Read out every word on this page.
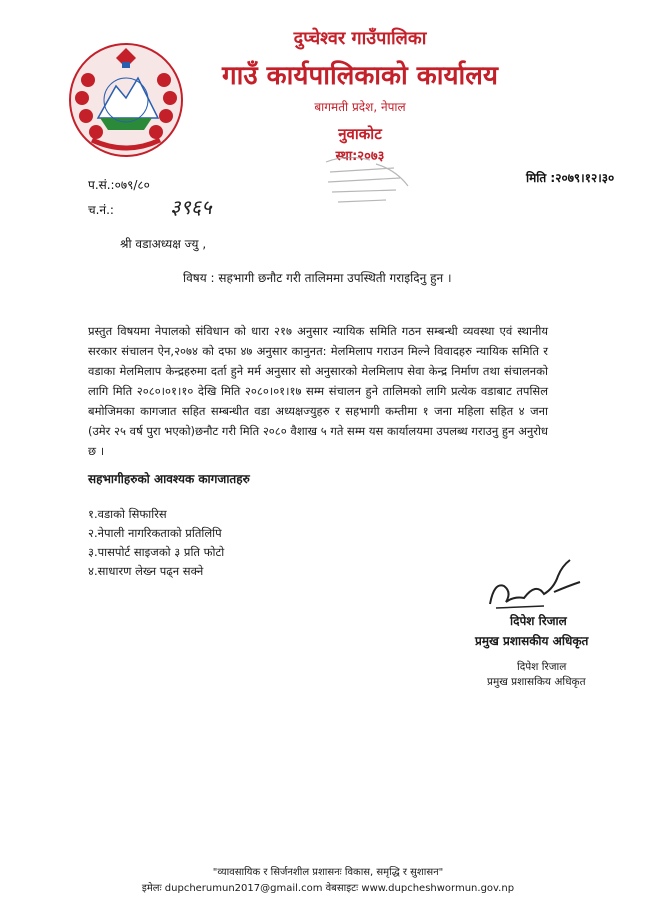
दुप्चेश्वर गाउँपालिका
गाउँ कार्यपालिकाको कार्यालय
बागमती प्रदेश, नेपाल
नुवाकोट
स्था:२०७३
प.सं.:०७९/८०
च.नं.:	३९६५
मिति :२०७९।१२।३०
श्री वडाअध्यक्ष ज्यु ,
विषय : सहभागी छनौट गरी तालिममा उपस्थिती गराइदिनु हुन ।
प्रस्तुत विषयमा नेपालको संविधान को धारा २१७ अनुसार न्यायिक समिति गठन सम्बन्धी व्यवस्था एवं स्थानीय सरकार संचालन ऐन,२०७४ को दफा ४७ अनुसार कानुनत: मेलमिलाप गराउन मिल्ने विवादहरु न्यायिक समिति र वडाका मेलमिलाप केन्द्रहरुमा दर्ता हुने मर्म अनुसार सो अनुसारको मेलमिलाप सेवा केन्द्र निर्माण तथा संचालनको लागि मिति २०८०।०१।१० देखि मिति २०८०।०१।१७ सम्म संचालन हुने तालिमको लागि प्रत्येक वडाबाट तपसिल बमोजिमका कागजात सहित सम्बन्धीत वडा अध्यक्षज्युहरु र सहभागी कम्तीमा १ जना महिला सहित ४ जना (उमेर २५ वर्ष पुरा भएको)छनौट गरी मिति २०८० वैशाख ५ गते सम्म यस कार्यालयमा उपलब्ध गराउनु हुन अनुरोध छ ।
सहभागीहरुको आवश्यक कागजातहरु
१.वडाको सिफारिस
२.नेपाली नागरिकताको प्रतिलिपि
३.पासपोर्ट साइजको ३ प्रति फोटो
४.साधारण लेख्न पढ्न सक्ने
दिपेश रिजाल
प्रमुख प्रशासकीय अधिकृत
दिपेश रिजाल
प्रमुख प्रशासकिय अधिकृत
"व्यावसायिक र सिर्जनशील प्रशासनः विकास, समृद्धि र सुशासन"
इमेलः dupcherumun2017@gmail.com वेबसाइटः www.dupcheshwormun.gov.np
